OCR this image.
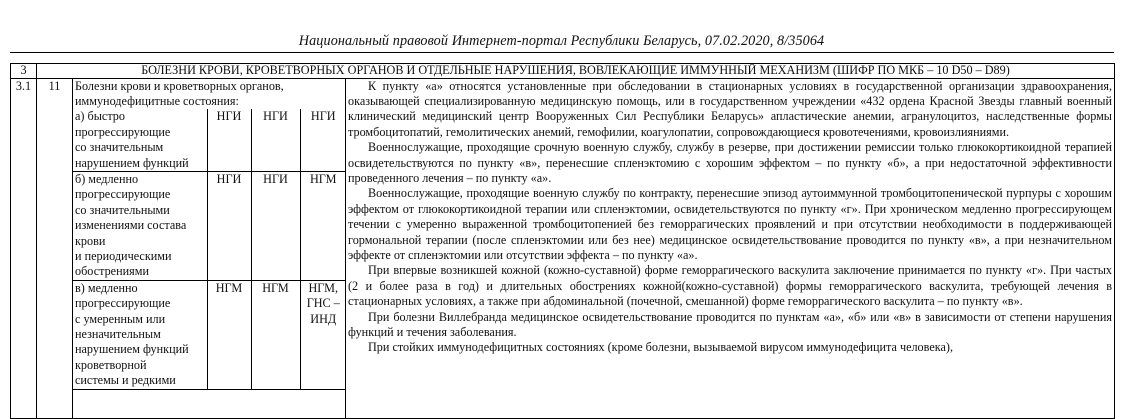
Национальный правовой Интернет-портал Республики Беларусь, 07.02.2020, 8/35064
3	БОЛЕЗНИ КРОВИ, КРОВЕТВОРНЫХ ОРГАНОВ И ОТДЕЛЬНЫЕ НАРУШЕНИЯ, ВОВЛЕКАЮЩИЕ ИММУННЫЙ МЕХАНИЗМ (ШИФР ПО МКБ – 10 D50 – D89)
3.1	11	Болезни крови и кроветворных органов, иммунодефицитные состояния:
а) быстро
прогрессирующие
со значительным
нарушением функций
	НГИ	НГИ	НГИ

б) медленно
прогрессирующие
со значительными
изменениями состава
крови
и периодическими
обострениями
	НГИ	НГИ	НГМ

в) медленно
прогрессирующие
с умеренным или
незначительным
нарушением функций
кроветворной
системы и редкими
	НГМ	НГМ	НГМ,
ГНС –
ИНД

К пункту «а» относятся установленные при обследовании в стационарных условиях в государственной организации здравоохранения, оказывающей специализированную медицинскую помощь, или в государственном учреждении «432 ордена Красной Звезды главный военный клинический медицинский центр Вооруженных Сил Республики Беларусь» апластические анемии, агранулоцитоз, наследственные формы тромбоцитопатий, гемолитических анемий, гемофилии, коагулопатии, сопровождающиеся кровотечениями, кровоизлияниями.

Военнослужащие, проходящие срочную военную службу, службу в резерве, при достижении ремиссии только глюкокортикоидной терапией освидетельствуются по пункту «в», перенесшие спленэктомию с хорошим эффектом – по пункту «б», а при недостаточной эффективности проведенного лечения – по пункту «а».

Военнослужащие, проходящие военную службу по контракту, перенесшие эпизод аутоиммунной тромбоцитопенической пурпуры с хорошим эффектом от глюкокортикоидной терапии или спленэктомии, освидетельствуются по пункту «г». При хроническом медленно прогрессирующем течении с умеренно выраженной тромбоцитопенией без геморрагических проявлений и при отсутствии необходимости в поддерживающей гормональной терапии (после спленэктомии или без нее) медицинское освидетельствование проводится по пункту «в», а при незначительном эффекте от спленэктомии или отсутствии эффекта – по пункту «а».

При впервые возникшей кожной (кожно-суставной) форме геморрагического васкулита заключение принимается по пункту «г». При частых (2 и более раза в год) и длительных обострениях кожной(кожно-суставной) формы геморрагического васкулита, требующей лечения в стационарных условиях, а также при абдоминальной (почечной, смешанной) форме геморрагического васкулита – по пункту «в».

При болезни Виллебранда медицинское освидетельствование проводится по пунктам «а», «б» или «в» в зависимости от степени нарушения функций и течения заболевания.

При стойких иммунодефицитных состояниях (кроме болезни, вызываемой вирусом иммунодефицита человека),
